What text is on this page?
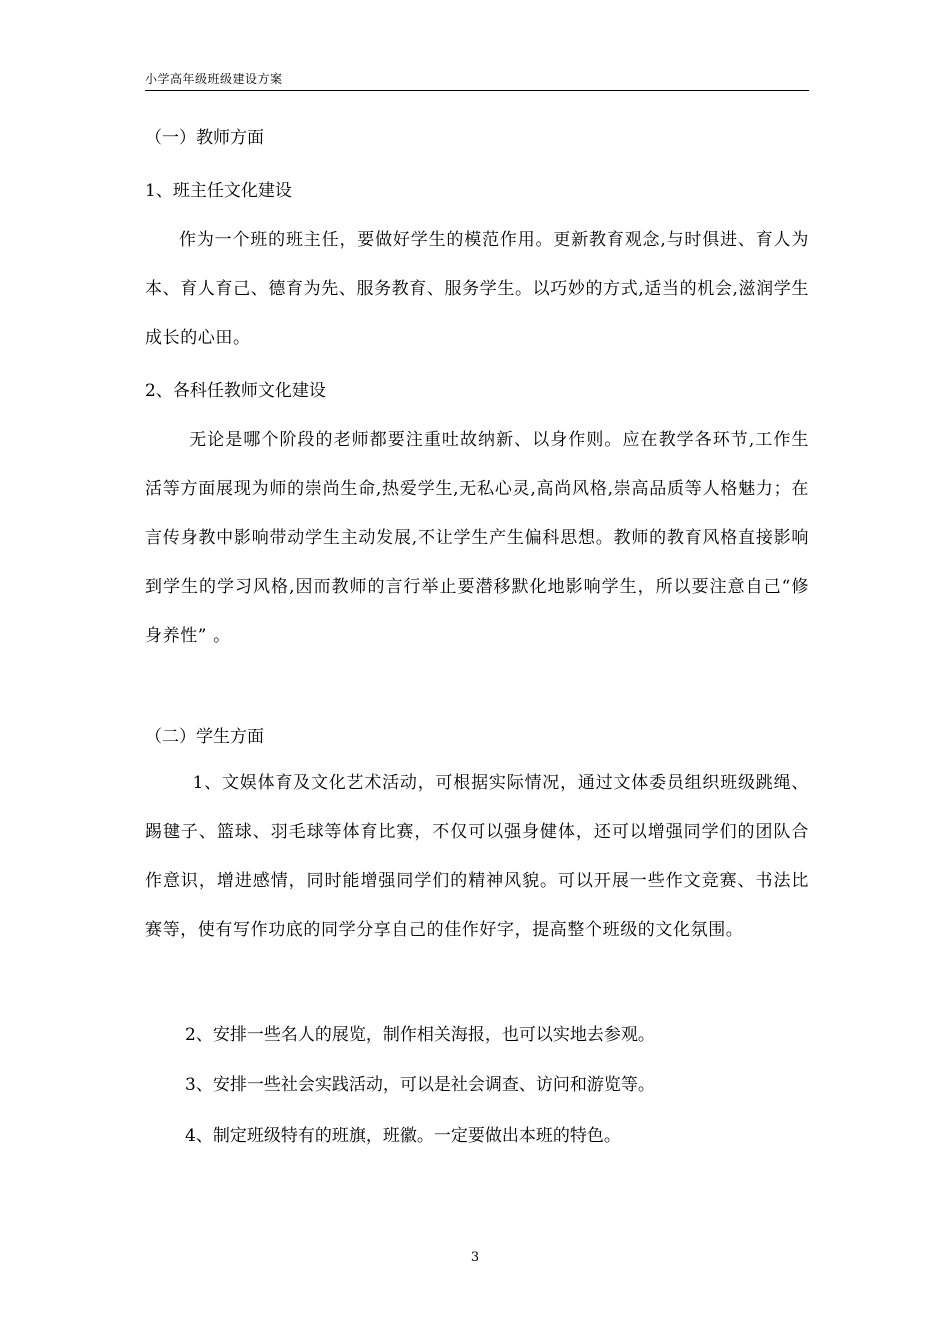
小学高年级班级建设方案
（一）教师方面
1、班主任文化建设
作为一个班的班主任，要做好学生的模范作用。更新教育观念,与时俱进、育人为本、育人育己、德育为先、服务教育、服务学生。以巧妙的方式,适当的机会,滋润学生成长的心田。
2、各科任教师文化建设
无论是哪个阶段的老师都要注重吐故纳新、以身作则。应在教学各环节,工作生活等方面展现为师的崇尚生命,热爱学生,无私心灵,高尚风格,崇高品质等人格魅力；在言传身教中影响带动学生主动发展,不让学生产生偏科思想。教师的教育风格直接影响到学生的学习风格,因而教师的言行举止要潜移默化地影响学生，所以要注意自己“修身养性” 。
（二）学生方面
1、文娱体育及文化艺术活动，可根据实际情况，通过文体委员组织班级跳绳、踢毽子、篮球、羽毛球等体育比赛，不仅可以强身健体，还可以增强同学们的团队合作意识，增进感情，同时能增强同学们的精神风貌。可以开展一些作文竞赛、书法比赛等，使有写作功底的同学分享自己的佳作好字，提高整个班级的文化氛围。
2、安排一些名人的展览，制作相关海报，也可以实地去参观。
3、安排一些社会实践活动，可以是社会调查、访问和游览等。
4、制定班级特有的班旗，班徽。一定要做出本班的特色。
3
